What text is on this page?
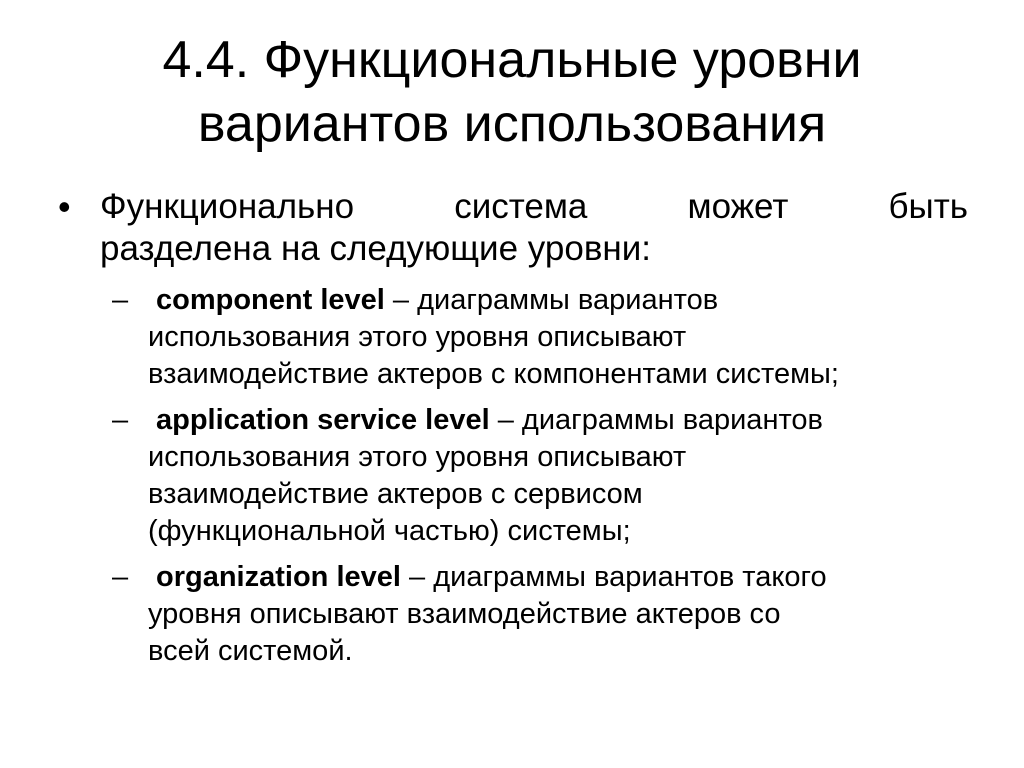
4.4. Функциональные уровни
вариантов использования
• Функционально	система	может	быть
разделена на следующие уровни:
– component level – диаграммы вариантов
использования этого уровня описывают
взаимодействие актеров с компонентами системы;
– application service level – диаграммы вариантов
использования этого уровня описывают
взаимодействие актеров с сервисом
(функциональной частью) системы;
– organization level – диаграммы вариантов такого
уровня описывают взаимодействие актеров со
всей системой.
